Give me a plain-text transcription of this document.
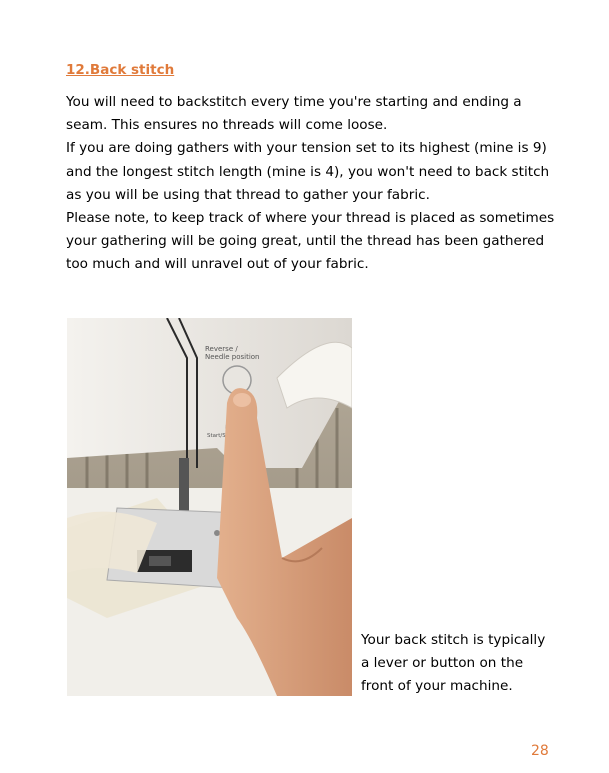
12.Back stitch

You will need to backstitch every time you're starting and ending a seam. This ensures no threads will come loose.

If you are doing gathers with your tension set to its highest (mine is 9) and the longest stitch length (mine is 4), you won't need to back stitch as you will be using that thread to gather your fabric.

Please note, to keep track of where your thread is placed as sometimes your gathering will be going great, until the thread has been gathered too much and will unravel out of your fabric.

Reverse /
Needle position
Start/S

Your back stitch is typically

a lever or button on the

front of your machine.

28
